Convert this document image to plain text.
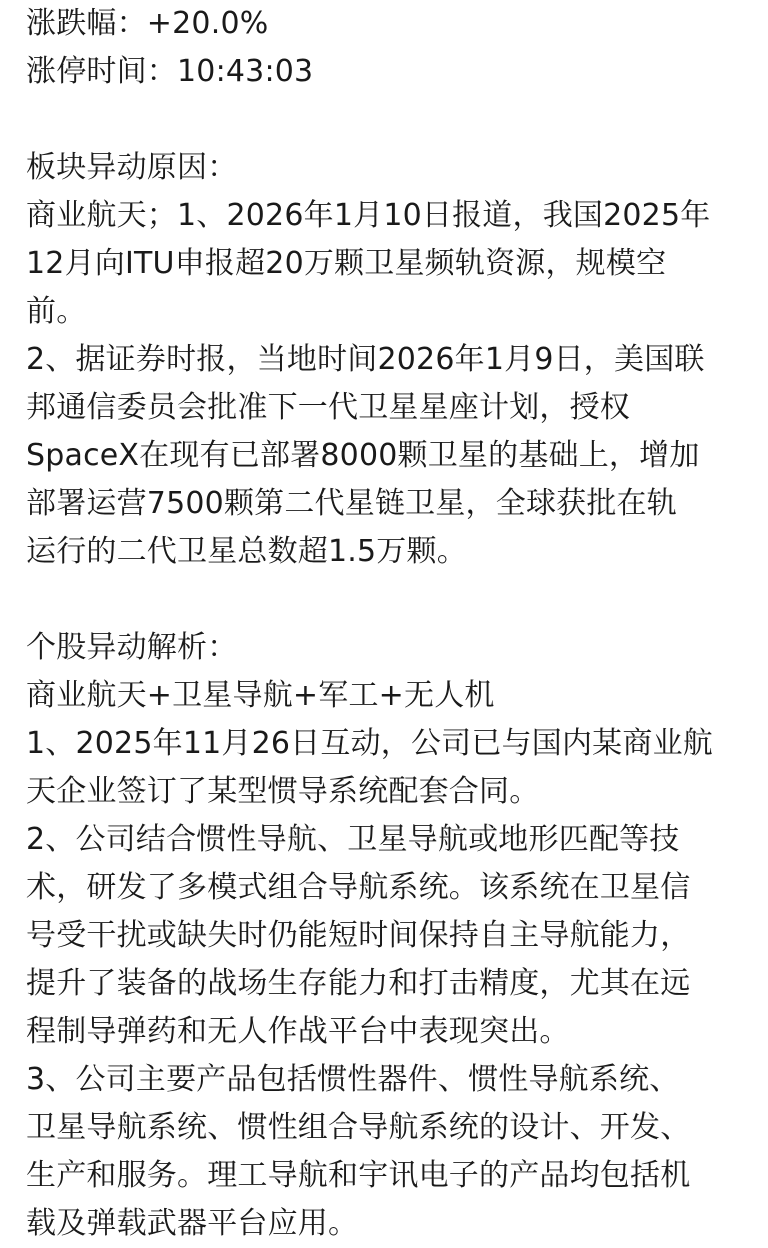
涨跌幅：+20.0%
涨停时间：10:43:03
板块异动原因：
商业航天；1、2026年1月10日报道，我国2025年
12月向ITU申报超20万颗卫星频轨资源，规模空
前。
2、据证券时报，当地时间2026年1月9日，美国联
邦通信委员会批准下一代卫星星座计划，授权
SpaceX在现有已部署8000颗卫星的基础上，增加
部署运营7500颗第二代星链卫星，全球获批在轨
运行的二代卫星总数超1.5万颗。
个股异动解析：
商业航天+卫星导航+军工+无人机
1、2025年11月26日互动，公司已与国内某商业航
天企业签订了某型惯导系统配套合同。
2、公司结合惯性导航、卫星导航或地形匹配等技
术，研发了多模式组合导航系统。该系统在卫星信
号受干扰或缺失时仍能短时间保持自主导航能力，
提升了装备的战场生存能力和打击精度，尤其在远
程制导弹药和无人作战平台中表现突出。
3、公司主要产品包括惯性器件、惯性导航系统、
卫星导航系统、惯性组合导航系统的设计、开发、
生产和服务。理工导航和宇讯电子的产品均包括机
载及弹载武器平台应用。
